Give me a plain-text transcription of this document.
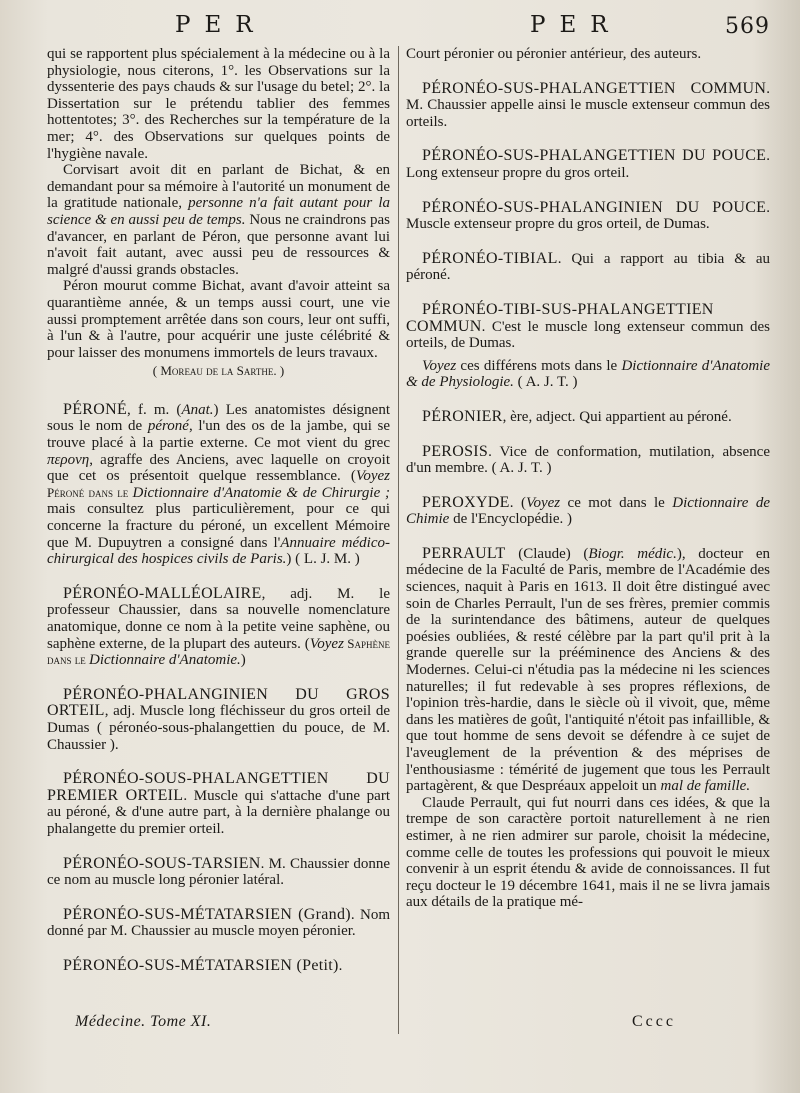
PER	PER	569

qui se rapportent plus spécialement à la médecine ou à la physiologie, nous citerons, 1°. les Observations sur la dyssenterie des pays chauds & sur l'usage du betel; 2°. la Dissertation sur le prétendu tablier des femmes hottentotes; 3°. des Recherches sur la température de la mer; 4°. des Observations sur quelques points de l'hygiène navale.

Corvisart avoit dit en parlant de Bichat, & en demandant pour sa mémoire à l'autorité un monument de la gratitude nationale, personne n'a fait autant pour la science & en aussi peu de temps. Nous ne craindrons pas d'avancer, en parlant de Péron, que personne avant lui n'avoit fait autant, avec aussi peu de ressources & malgré d'aussi grands obstacles.

Péron mourut comme Bichat, avant d'avoir atteint sa quarantième année, & un temps aussi court, une vie aussi promptement arrêtée dans son cours, leur ont suffi, à l'un & à l'autre, pour acquérir une juste célébrité & pour laisser des monumens immortels de leurs travaux.

( Moreau de la Sarthe. )

PÉRONÉ, f. m. (Anat.) Les anatomistes désignent sous le nom de péroné, l'un des os de la jambe, qui se trouve placé à la partie externe. Ce mot vient du grec περονη, agraffe des Anciens, avec laquelle on croyoit que cet os présentoit quelque ressemblance. (Voyez Péroné dans le Dictionnaire d'Anatomie & de Chirurgie ; mais consultez plus particulièrement, pour ce qui concerne la fracture du péroné, un excellent Mémoire que M. Dupuytren a consigné dans l'Annuaire médico-chirurgical des hospices civils de Paris.) ( L. J. M. )

PÉRONÉO-MALLÉOLAIRE, adj. M. le professeur Chaussier, dans sa nouvelle nomenclature anatomique, donne ce nom à la petite veine saphène, ou saphène externe, de la plupart des auteurs. (Voyez Saphène dans le Dictionnaire d'Anatomie.)

PÉRONÉO-PHALANGINIEN DU GROS ORTEIL, adj. Muscle long fléchisseur du gros orteil de Dumas ( péronéo-sous-phalangettien du pouce, de M. Chaussier ).

PÉRONÉO-SOUS-PHALANGETTIEN DU PREMIER ORTEIL. Muscle qui s'attache d'une part au péroné, & d'une autre part, à la dernière phalange ou phalangette du premier orteil.

PÉRONÉO-SOUS-TARSIEN. M. Chaussier donne ce nom au muscle long péronier latéral.

PÉRONÉO-SUS-MÉTATARSIEN (Grand). Nom donné par M. Chaussier au muscle moyen péronier.

PÉRONÉO-SUS-MÉTATARSIEN (Petit).

Court péronier ou péronier antérieur, des auteurs.

PÉRONÉO-SUS-PHALANGETTIEN COMMUN. M. Chaussier appelle ainsi le muscle extenseur commun des orteils.

PÉRONÉO-SUS-PHALANGETTIEN DU POUCE. Long extenseur propre du gros orteil.

PÉRONÉO-SUS-PHALANGINIEN DU POUCE. Muscle extenseur propre du gros orteil, de Dumas.

PÉRONÉO-TIBIAL. Qui a rapport au tibia & au péroné.

PÉRONÉO-TIBI-SUS-PHALANGETTIEN COMMUN. C'est le muscle long extenseur commun des orteils, de Dumas.

Voyez ces différens mots dans le Dictionnaire d'Anatomie & de Physiologie. ( A. J. T. )

PÉRONIER, ère, adject. Qui appartient au péroné.

PEROSIS. Vice de conformation, mutilation, absence d'un membre. ( A. J. T. )

PEROXYDE. (Voyez ce mot dans le Dictionnaire de Chimie de l'Encyclopédie. )

PERRAULT (Claude) (Biogr. médic.), docteur en médecine de la Faculté de Paris, membre de l'Académie des sciences, naquit à Paris en 1613. Il doit être distingué avec soin de Charles Perrault, l'un de ses frères, premier commis de la surintendance des bâtimens, auteur de quelques poésies oubliées, & resté célèbre par la part qu'il prit à la grande querelle sur la prééminence des Anciens & des Modernes. Celui-ci n'étudia pas la médecine ni les sciences naturelles; il fut redevable à ses propres réflexions, de l'opinion très-hardie, dans le siècle où il vivoit, que, même dans les matières de goût, l'antiquité n'étoit pas infaillible, & que tout homme de sens devoit se défendre à ce sujet de l'aveuglement de la prévention & des méprises de l'enthousiasme : témérité de jugement que tous les Perrault partagèrent, & que Despréaux appeloit un mal de famille.

Claude Perrault, qui fut nourri dans ces idées, & que la trempe de son caractère portoit naturellement à ne rien estimer, à ne rien admirer sur parole, choisit la médecine, comme celle de toutes les professions qui pouvoit le mieux convenir à un esprit étendu & avide de connoissances. Il fut reçu docteur le 19 décembre 1641, mais il ne se livra jamais aux détails de la pratique mé-

Médecine. Tome XI.	Cccc
